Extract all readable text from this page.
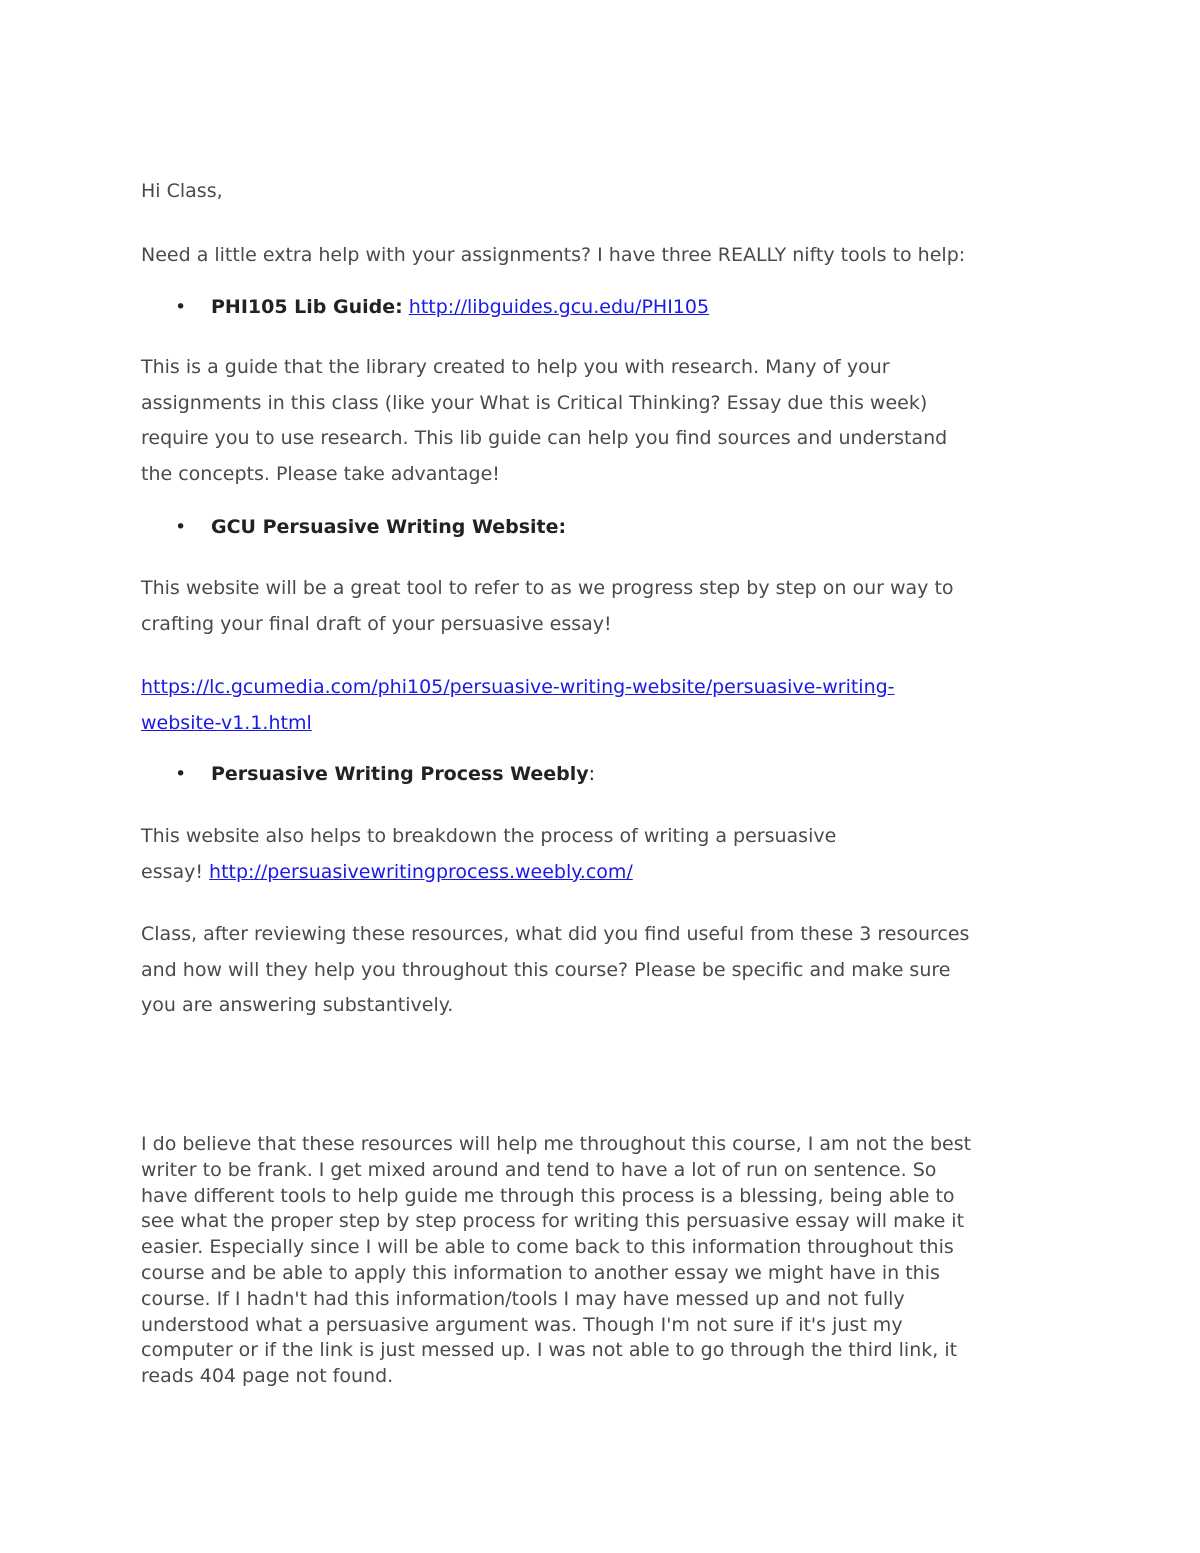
Hi Class,

Need a little extra help with your assignments? I have three REALLY nifty tools to help:

• PHI105 Lib Guide: http://libguides.gcu.edu/PHI105

This is a guide that the library created to help you with research. Many of your

assignments in this class (like your What is Critical Thinking? Essay due this week)

require you to use research. This lib guide can help you find sources and understand

the concepts. Please take advantage!

• GCU Persuasive Writing Website:

This website will be a great tool to refer to as we progress step by step on our way to

crafting your final draft of your persuasive essay!

https://lc.gcumedia.com/phi105/persuasive-writing-website/persuasive-writing-

website-v1.1.html

• Persuasive Writing Process Weebly:

This website also helps to breakdown the process of writing a persuasive

essay! http://persuasivewritingprocess.weebly.com/

Class, after reviewing these resources, what did you find useful from these 3 resources

and how will they help you throughout this course? Please be specific and make sure

you are answering substantively.

I do believe that these resources will help me throughout this course, I am not the best

writer to be frank. I get mixed around and tend to have a lot of run on sentence. So

have different tools to help guide me through this process is a blessing, being able to

see what the proper step by step process for writing this persuasive essay will make it

easier. Especially since I will be able to come back to this information throughout this

course and be able to apply this information to another essay we might have in this

course. If I hadn't had this information/tools I may have messed up and not fully

understood what a persuasive argument was. Though I'm not sure if it's just my

computer or if the link is just messed up. I was not able to go through the third link, it

reads 404 page not found.
